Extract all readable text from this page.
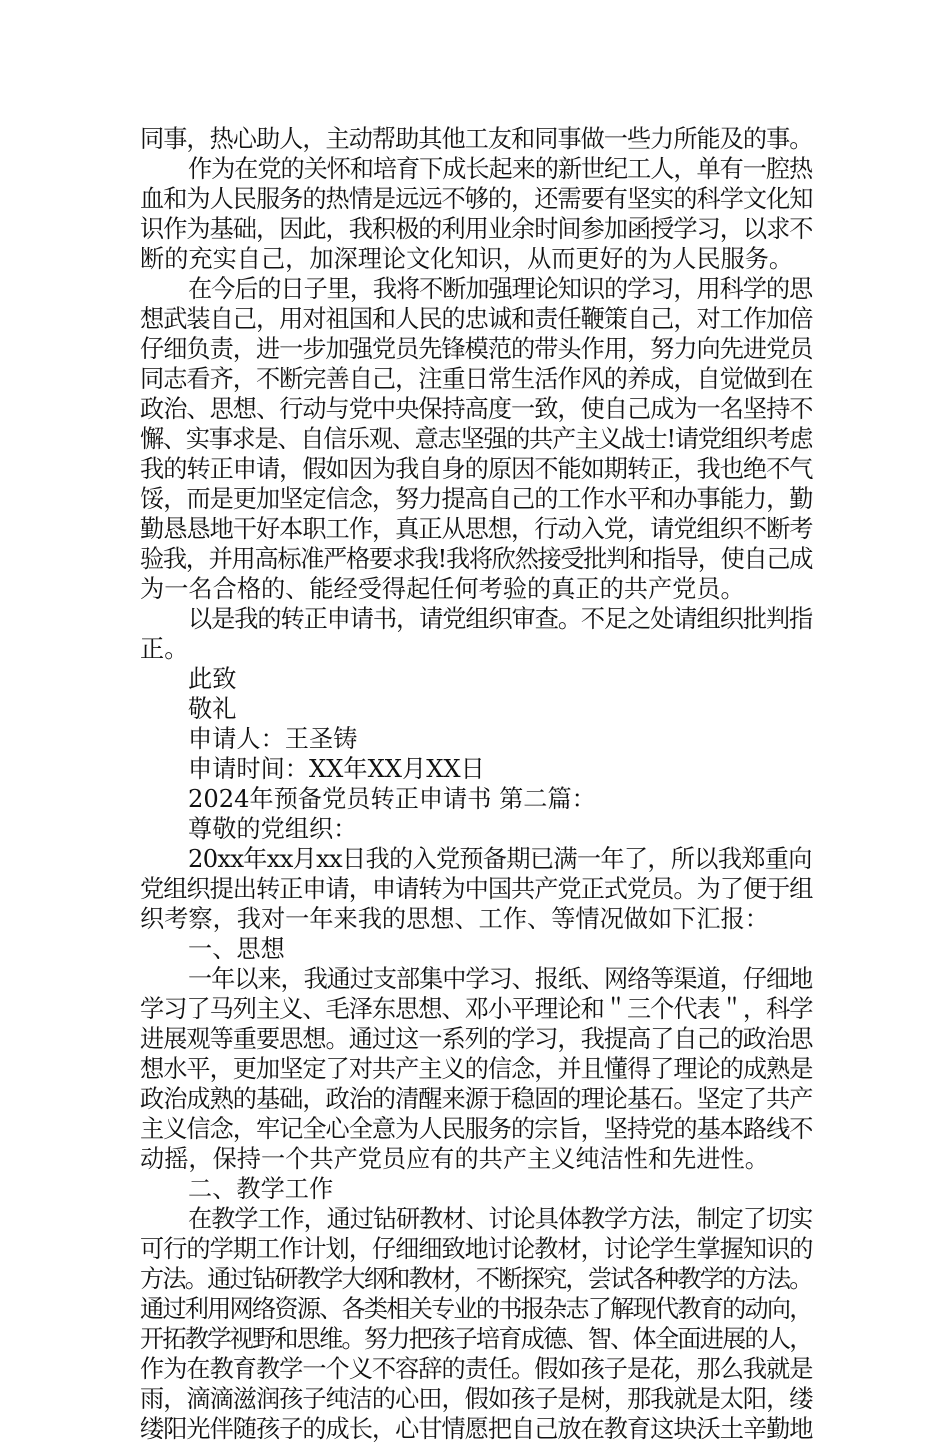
同事，热心助人，主动帮助其他工友和同事做一些力所能及的事。
作为在党的关怀和培育下成长起来的新世纪工人，单有一腔热
血和为人民服务的热情是远远不够的，还需要有坚实的科学文化知
识作为基础，因此，我积极的利用业余时间参加函授学习，以求不
断的充实自己，加深理论文化知识，从而更好的为人民服务。
在今后的日子里，我将不断加强理论知识的学习，用科学的思
想武装自己，用对祖国和人民的忠诚和责任鞭策自己，对工作加倍
仔细负责，进一步加强党员先锋模范的带头作用，努力向先进党员
同志看齐，不断完善自己，注重日常生活作风的养成，自觉做到在
政治、思想、行动与党中央保持高度一致，使自己成为一名坚持不
懈、实事求是、自信乐观、意志坚强的共产主义战士!请党组织考虑
我的转正申请，假如因为我自身的原因不能如期转正，我也绝不气
馁，而是更加坚定信念，努力提高自己的工作水平和办事能力，勤
勤恳恳地干好本职工作，真正从思想，行动入党，请党组织不断考
验我，并用高标准严格要求我!我将欣然接受批判和指导，使自己成
为一名合格的、能经受得起任何考验的真正的共产党员。
以是我的转正申请书，请党组织审查。不足之处请组织批判指
正。
此致
敬礼
申请人：王圣铸
申请时间：XX年XX月XX日
2024年预备党员转正申请书 第二篇：
尊敬的党组织：
20xx年xx月xx日我的入党预备期已满一年了，所以我郑重向
党组织提出转正申请，申请转为中国共产党正式党员。为了便于组
织考察，我对一年来我的思想、工作、等情况做如下汇报：
一、思想
一年以来，我通过支部集中学习、报纸、网络等渠道，仔细地
学习了马列主义、毛泽东思想、邓小平理论和＂三个代表＂，科学
进展观等重要思想。通过这一系列的学习，我提高了自己的政治思
想水平，更加坚定了对共产主义的信念，并且懂得了理论的成熟是
政治成熟的基础，政治的清醒来源于稳固的理论基石。坚定了共产
主义信念，牢记全心全意为人民服务的宗旨，坚持党的基本路线不
动摇，保持一个共产党员应有的共产主义纯洁性和先进性。
二、教学工作
在教学工作，通过钻研教材、讨论具体教学方法，制定了切实
可行的学期工作计划，仔细细致地讨论教材，讨论学生掌握知识的
方法。通过钻研教学大纲和教材，不断探究，尝试各种教学的方法。
通过利用网络资源、各类相关专业的书报杂志了解现代教育的动向，
开拓教学视野和思维。努力把孩子培育成德、智、体全面进展的人，
作为在教育教学一个义不容辞的责任。假如孩子是花，那么我就是
雨，滴滴滋润孩子纯洁的心田，假如孩子是树，那我就是太阳，缕
缕阳光伴随孩子的成长，心甘情愿把自己放在教育这块沃土辛勤地
